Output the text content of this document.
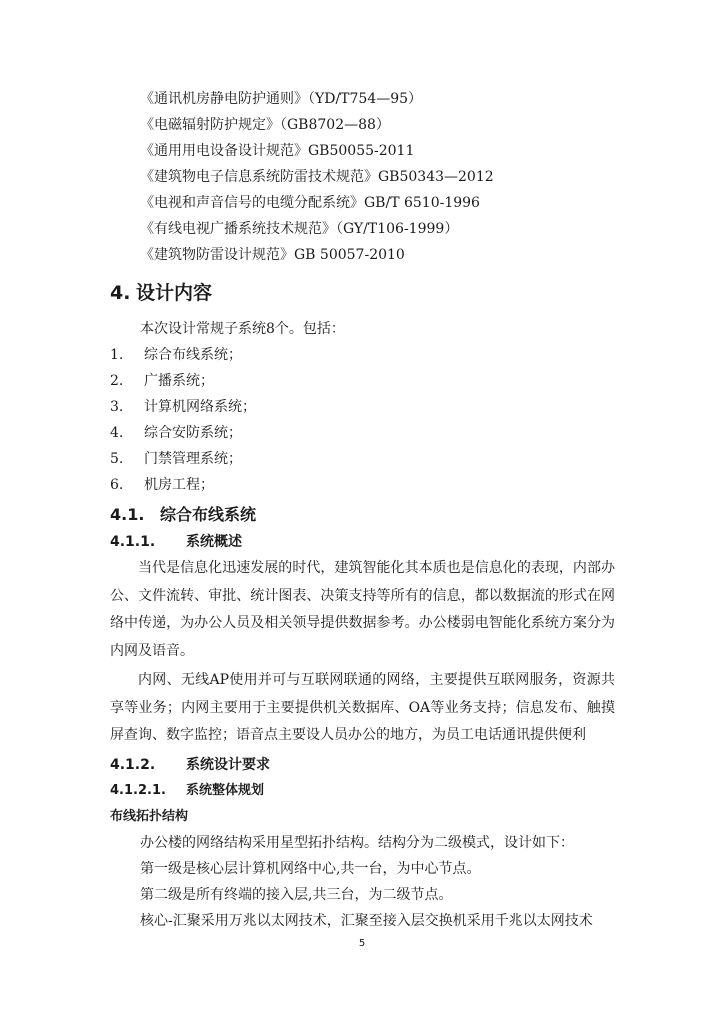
《通讯机房静电防护通则》（YD/T754—95）
《电磁辐射防护规定》（GB8702—88）
《通用用电设备设计规范》GB50055-2011
《建筑物电子信息系统防雷技术规范》GB50343—2012
《电视和声音信号的电缆分配系统》GB/T 6510-1996
《有线电视广播系统技术规范》（GY/T106-1999）
《建筑物防雷设计规范》GB 50057-2010
4. 设计内容
本次设计常规子系统8个。包括：
1. 综合布线系统；
2. 广播系统；
3. 计算机网络系统；
4. 综合安防系统；
5. 门禁管理系统；
6. 机房工程；
4.1. 综合布线系统
4.1.1. 系统概述
当代是信息化迅速发展的时代，建筑智能化其本质也是信息化的表现，内部办公、文件流转、审批、统计图表、决策支持等所有的信息，都以数据流的形式在网络中传递，为办公人员及相关领导提供数据参考。办公楼弱电智能化系统方案分为内网及语音。
内网、无线AP使用并可与互联网联通的网络，主要提供互联网服务，资源共享等业务；内网主要用于主要提供机关数据库、OA等业务支持；信息发布、触摸屏查询、数字监控；语音点主要设人员办公的地方，为员工电话通讯提供便利
4.1.2. 系统设计要求
4.1.2.1. 系统整体规划
布线拓扑结构
办公楼的网络结构采用星型拓扑结构。结构分为二级模式，设计如下：
第一级是核心层计算机网络中心,共一台，为中心节点。
第二级是所有终端的接入层,共三台，为二级节点。
核心-汇聚采用万兆以太网技术，汇聚至接入层交换机采用千兆以太网技术
5
